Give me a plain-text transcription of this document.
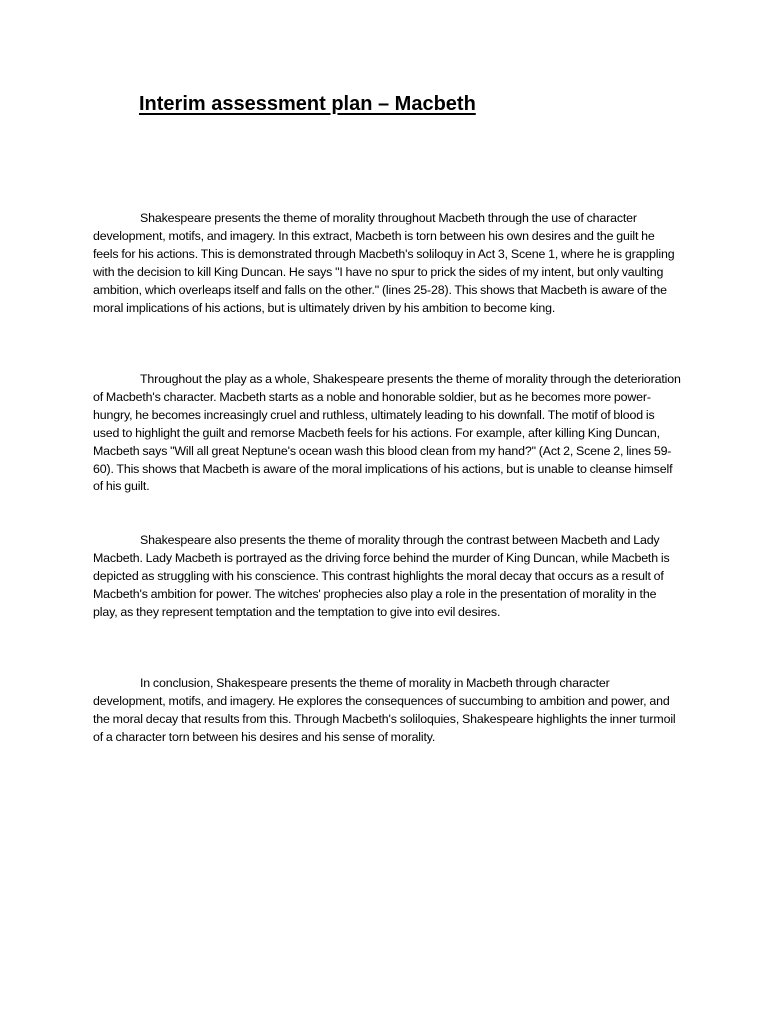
Interim assessment plan – Macbeth

Shakespeare presents the theme of morality throughout Macbeth through the use of character development, motifs, and imagery. In this extract, Macbeth is torn between his own desires and the guilt he feels for his actions. This is demonstrated through Macbeth's soliloquy in Act 3, Scene 1, where he is grappling with the decision to kill King Duncan. He says "I have no spur to prick the sides of my intent, but only vaulting ambition, which overleaps itself and falls on the other." (lines 25-28). This shows that Macbeth is aware of the moral implications of his actions, but is ultimately driven by his ambition to become king.

Throughout the play as a whole, Shakespeare presents the theme of morality through the deterioration of Macbeth's character. Macbeth starts as a noble and honorable soldier, but as he becomes more power-hungry, he becomes increasingly cruel and ruthless, ultimately leading to his downfall. The motif of blood is used to highlight the guilt and remorse Macbeth feels for his actions. For example, after killing King Duncan, Macbeth says "Will all great Neptune's ocean wash this blood clean from my hand?" (Act 2, Scene 2, lines 59-60). This shows that Macbeth is aware of the moral implications of his actions, but is unable to cleanse himself of his guilt.

Shakespeare also presents the theme of morality through the contrast between Macbeth and Lady Macbeth. Lady Macbeth is portrayed as the driving force behind the murder of King Duncan, while Macbeth is depicted as struggling with his conscience. This contrast highlights the moral decay that occurs as a result of Macbeth's ambition for power. The witches' prophecies also play a role in the presentation of morality in the play, as they represent temptation and the temptation to give into evil desires.

In conclusion, Shakespeare presents the theme of morality in Macbeth through character development, motifs, and imagery. He explores the consequences of succumbing to ambition and power, and the moral decay that results from this. Through Macbeth's soliloquies, Shakespeare highlights the inner turmoil of a character torn between his desires and his sense of morality.
